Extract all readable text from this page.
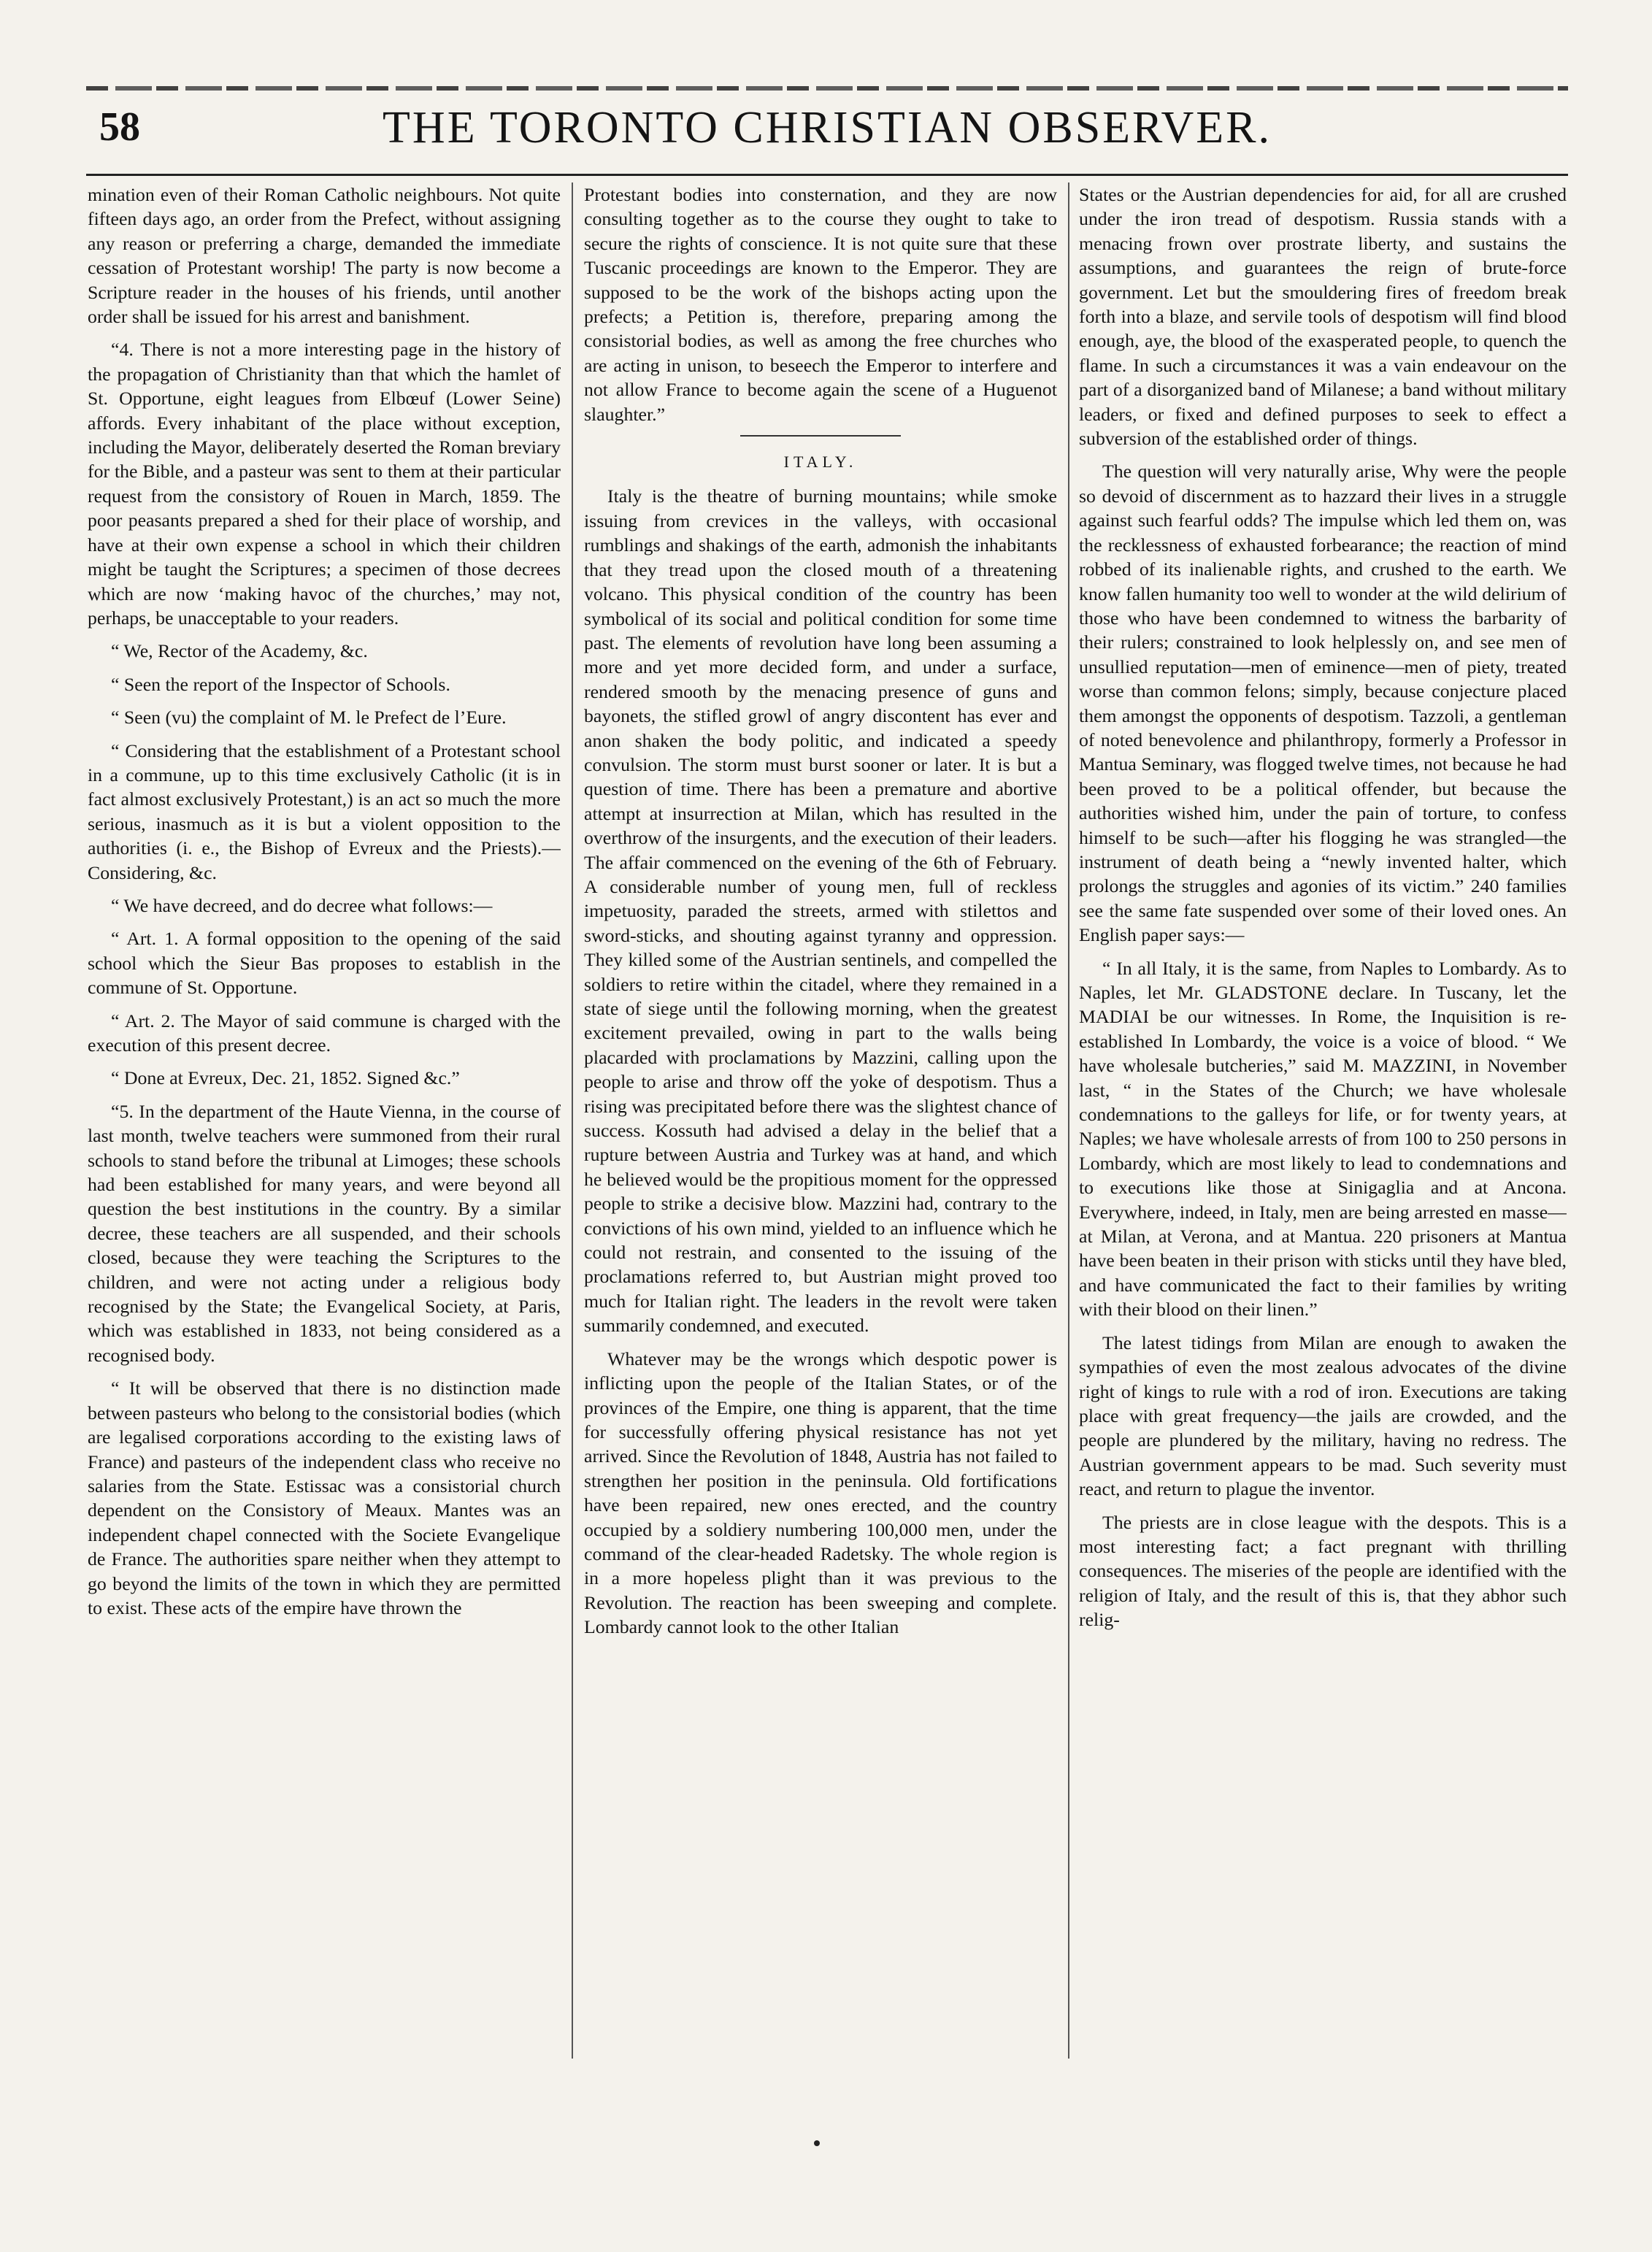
58	THE TORONTO CHRISTIAN OBSERVER.

mination even of their Roman Catholic neighbours. Not quite fifteen days ago, an order from the Prefect, without assigning any reason or preferring a charge, demanded the immediate cessation of Protestant worship! The party is now become a Scripture reader in the houses of his friends, until another order shall be issued for his arrest and banishment.

“4. There is not a more interesting page in the history of the propagation of Christianity than that which the hamlet of St. Opportune, eight leagues from Elbœuf (Lower Seine) affords. Every inhabitant of the place without exception, including the Mayor, deliberately deserted the Roman breviary for the Bible, and a pasteur was sent to them at their particular request from the consistory of Rouen in March, 1859. The poor peasants prepared a shed for their place of worship, and have at their own expense a school in which their children might be taught the Scriptures; a specimen of those decrees which are now ‘making havoc of the churches,’ may not, perhaps, be unacceptable to your readers.

“ We, Rector of the Academy, &c.

“ Seen the report of the Inspector of Schools.

“ Seen (vu) the complaint of M. le Prefect de l’Eure.

“ Considering that the establishment of a Protestant school in a commune, up to this time exclusively Catholic (it is in fact almost exclusively Protestant,) is an act so much the more serious, inasmuch as it is but a violent opposition to the authorities (i. e., the Bishop of Evreux and the Priests).—Considering, &c.

“ We have decreed, and do decree what follows:—

“ Art. 1. A formal opposition to the opening of the said school which the Sieur Bas proposes to establish in the commune of St. Opportune.

“ Art. 2. The Mayor of said commune is charged with the execution of this present decree.

“ Done at Evreux, Dec. 21, 1852. Signed &c.”

“5. In the department of the Haute Vienna, in the course of last month, twelve teachers were summoned from their rural schools to stand before the tribunal at Limoges; these schools had been established for many years, and were beyond all question the best institutions in the country. By a similar decree, these teachers are all suspended, and their schools closed, because they were teaching the Scriptures to the children, and were not acting under a religious body recognised by the State; the Evangelical Society, at Paris, which was established in 1833, not being considered as a recognised body.

“ It will be observed that there is no distinction made between pasteurs who belong to the consistorial bodies (which are legalised corporations according to the existing laws of France) and pasteurs of the independent class who receive no salaries from the State. Estissac was a consistorial church dependent on the Consistory of Meaux. Mantes was an independent chapel connected with the Societe Evangelique de France. The authorities spare neither when they attempt to go beyond the limits of the town in which they are permitted to exist. These acts of the empire have thrown the

Protestant bodies into consternation, and they are now consulting together as to the course they ought to take to secure the rights of conscience. It is not quite sure that these Tuscanic proceedings are known to the Emperor. They are supposed to be the work of the bishops acting upon the prefects; a Petition is, therefore, preparing among the consistorial bodies, as well as among the free churches who are acting in unison, to beseech the Emperor to interfere and not allow France to become again the scene of a Huguenot slaughter.”

ITALY.

Italy is the theatre of burning mountains; while smoke issuing from crevices in the valleys, with occasional rumblings and shakings of the earth, admonish the inhabitants that they tread upon the closed mouth of a threatening volcano. This physical condition of the country has been symbolical of its social and political condition for some time past. The elements of revolution have long been assuming a more and yet more decided form, and under a surface, rendered smooth by the menacing presence of guns and bayonets, the stifled growl of angry discontent has ever and anon shaken the body politic, and indicated a speedy convulsion. The storm must burst sooner or later. It is but a question of time. There has been a premature and abortive attempt at insurrection at Milan, which has resulted in the overthrow of the insurgents, and the execution of their leaders. The affair commenced on the evening of the 6th of February. A considerable number of young men, full of reckless impetuosity, paraded the streets, armed with stilettos and sword-sticks, and shouting against tyranny and oppression. They killed some of the Austrian sentinels, and compelled the soldiers to retire within the citadel, where they remained in a state of siege until the following morning, when the greatest excitement prevailed, owing in part to the walls being placarded with proclamations by Mazzini, calling upon the people to arise and throw off the yoke of despotism. Thus a rising was precipitated before there was the slightest chance of success. Kossuth had advised a delay in the belief that a rupture between Austria and Turkey was at hand, and which he believed would be the propitious moment for the oppressed people to strike a decisive blow. Mazzini had, contrary to the convictions of his own mind, yielded to an influence which he could not restrain, and consented to the issuing of the proclamations referred to, but Austrian might proved too much for Italian right. The leaders in the revolt were taken summarily condemned, and executed.

Whatever may be the wrongs which despotic power is inflicting upon the people of the Italian States, or of the provinces of the Empire, one thing is apparent, that the time for successfully offering physical resistance has not yet arrived. Since the Revolution of 1848, Austria has not failed to strengthen her position in the peninsula. Old fortifications have been repaired, new ones erected, and the country occupied by a soldiery numbering 100,000 men, under the command of the clear-headed Radetsky. The whole region is in a more hopeless plight than it was previous to the Revolution. The reaction has been sweeping and complete. Lombardy cannot look to the other Italian

States or the Austrian dependencies for aid, for all are crushed under the iron tread of despotism. Russia stands with a menacing frown over prostrate liberty, and sustains the assumptions, and guarantees the reign of brute-force government. Let but the smouldering fires of freedom break forth into a blaze, and servile tools of despotism will find blood enough, aye, the blood of the exasperated people, to quench the flame. In such a circumstances it was a vain endeavour on the part of a disorganized band of Milanese; a band without military leaders, or fixed and defined purposes to seek to effect a subversion of the established order of things.

The question will very naturally arise, Why were the people so devoid of discernment as to hazzard their lives in a struggle against such fearful odds? The impulse which led them on, was the recklessness of exhausted forbearance; the reaction of mind robbed of its inalienable rights, and crushed to the earth. We know fallen humanity too well to wonder at the wild delirium of those who have been condemned to witness the barbarity of their rulers; constrained to look helplessly on, and see men of unsullied reputation—men of eminence—men of piety, treated worse than common felons; simply, because conjecture placed them amongst the opponents of despotism. Tazzoli, a gentleman of noted benevolence and philanthropy, formerly a Professor in Mantua Seminary, was flogged twelve times, not because he had been proved to be a political offender, but because the authorities wished him, under the pain of torture, to confess himself to be such—after his flogging he was strangled—the instrument of death being a “newly invented halter, which prolongs the struggles and agonies of its victim.” 240 families see the same fate suspended over some of their loved ones. An English paper says:—

“ In all Italy, it is the same, from Naples to Lombardy. As to Naples, let Mr. GLADSTONE declare. In Tuscany, let the MADIAI be our witnesses. In Rome, the Inquisition is re-established In Lombardy, the voice is a voice of blood. “ We have wholesale butcheries,” said M. MAZZINI, in November last, “ in the States of the Church; we have wholesale condemnations to the galleys for life, or for twenty years, at Naples; we have wholesale arrests of from 100 to 250 persons in Lombardy, which are most likely to lead to condemnations and to executions like those at Sinigaglia and at Ancona. Everywhere, indeed, in Italy, men are being arrested en masse—at Milan, at Verona, and at Mantua. 220 prisoners at Mantua have been beaten in their prison with sticks until they have bled, and have communicated the fact to their families by writing with their blood on their linen.”

The latest tidings from Milan are enough to awaken the sympathies of even the most zealous advocates of the divine right of kings to rule with a rod of iron. Executions are taking place with great frequency—the jails are crowded, and the people are plundered by the military, having no redress. The Austrian government appears to be mad. Such severity must react, and return to plague the inventor.

The priests are in close league with the despots. This is a most interesting fact; a fact pregnant with thrilling consequences. The miseries of the people are identified with the religion of Italy, and the result of this is, that they abhor such relig-
